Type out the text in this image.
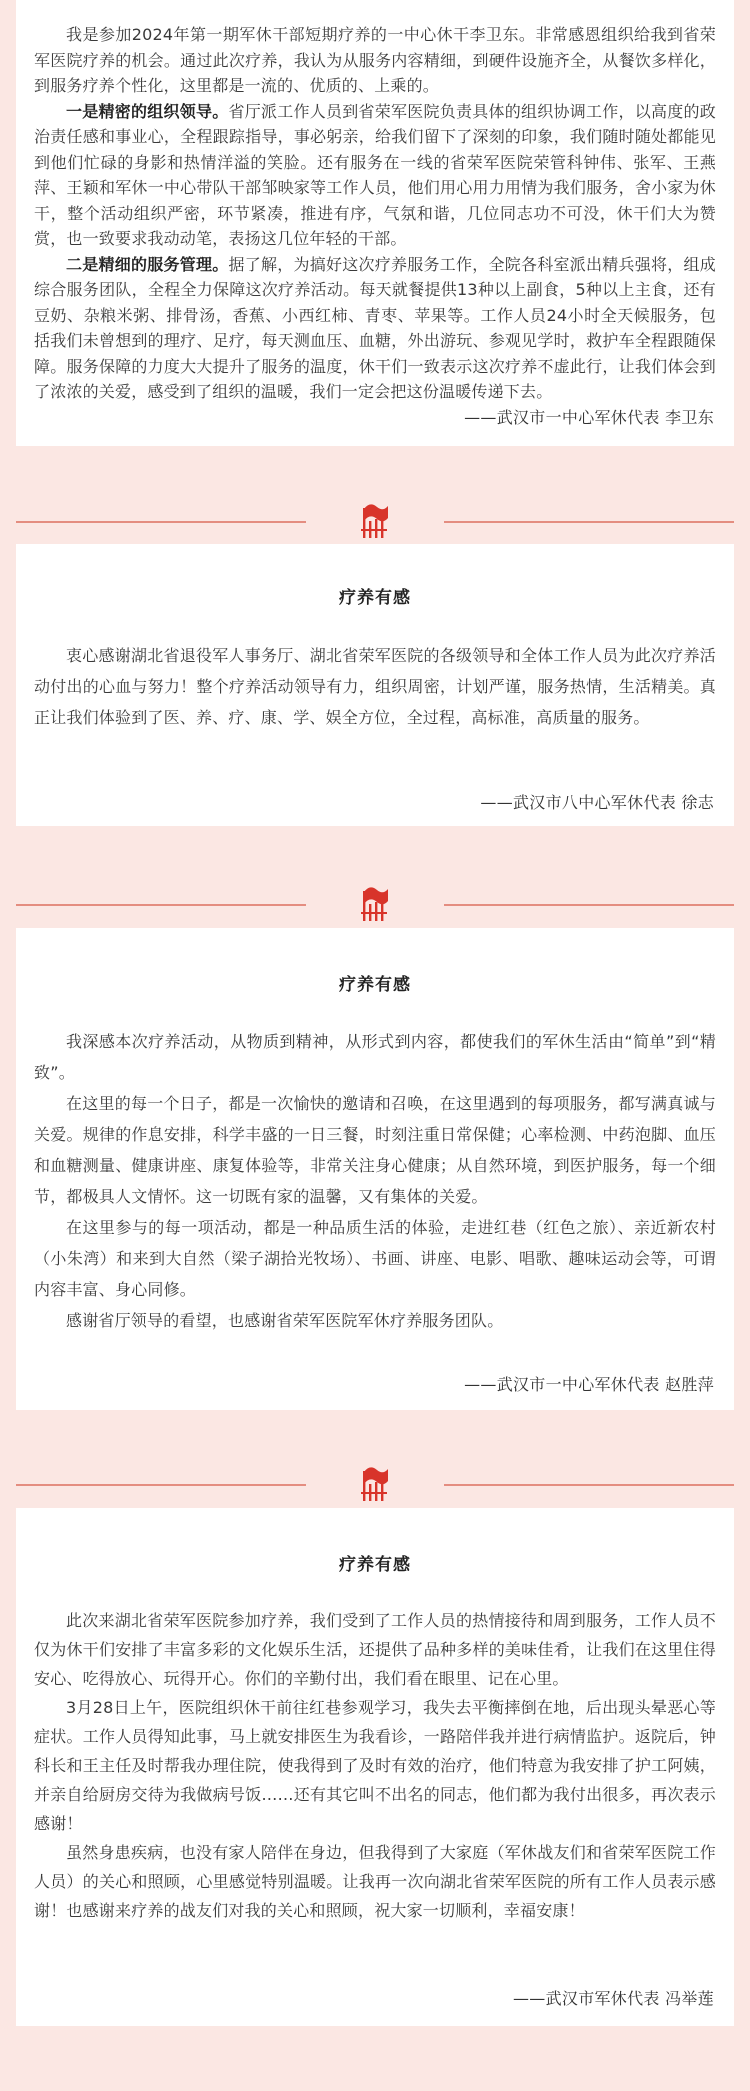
我是参加2024年第一期军休干部短期疗养的一中心休干李卫东。非常感恩组织给我到省荣军医院疗养的机会。通过此次疗养，我认为从服务内容精细，到硬件设施齐全，从餐饮多样化，到服务疗养个性化，这里都是一流的、优质的、上乘的。

一是精密的组织领导。省厅派工作人员到省荣军医院负责具体的组织协调工作，以高度的政治责任感和事业心，全程跟踪指导，事必躬亲，给我们留下了深刻的印象，我们随时随处都能见到他们忙碌的身影和热情洋溢的笑脸。还有服务在一线的省荣军医院荣管科钟伟、张军、王燕萍、王颖和军休一中心带队干部邹映家等工作人员，他们用心用力用情为我们服务，舍小家为休干，整个活动组织严密，环节紧凑，推进有序，气氛和谐，几位同志功不可没，休干们大为赞赏，也一致要求我动动笔，表扬这几位年轻的干部。

二是精细的服务管理。据了解，为搞好这次疗养服务工作，全院各科室派出精兵强将，组成综合服务团队，全程全力保障这次疗养活动。每天就餐提供13种以上副食，5种以上主食，还有豆奶、杂粮米粥、排骨汤，香蕉、小西红柿、青枣、苹果等。工作人员24小时全天候服务，包括我们未曾想到的理疗、足疗，每天测血压、血糖，外出游玩、参观见学时，救护车全程跟随保障。服务保障的力度大大提升了服务的温度，休干们一致表示这次疗养不虚此行，让我们体会到了浓浓的关爱，感受到了组织的温暖，我们一定会把这份温暖传递下去。

——武汉市一中心军休代表 李卫东
疗养有感

衷心感谢湖北省退役军人事务厅、湖北省荣军医院的各级领导和全体工作人员为此次疗养活动付出的心血与努力！整个疗养活动领导有力，组织周密，计划严谨，服务热情，生活精美。真正让我们体验到了医、养、疗、康、学、娱全方位，全过程，高标准，高质量的服务。

——武汉市八中心军休代表 徐志
疗养有感

我深感本次疗养活动，从物质到精神，从形式到内容，都使我们的军休生活由“简单”到“精致”。

在这里的每一个日子，都是一次愉快的邀请和召唤，在这里遇到的每项服务，都写满真诚与关爱。规律的作息安排，科学丰盛的一日三餐，时刻注重日常保健；心率检测、中药泡脚、血压和血糖测量、健康讲座、康复体验等，非常关注身心健康；从自然环境，到医护服务，每一个细节，都极具人文情怀。这一切既有家的温馨，又有集体的关爱。

在这里参与的每一项活动，都是一种品质生活的体验，走进红巷（红色之旅）、亲近新农村（小朱湾）和来到大自然（梁子湖拾光牧场）、书画、讲座、电影、唱歌、趣味运动会等，可谓内容丰富、身心同修。

感谢省厅领导的看望，也感谢省荣军医院军休疗养服务团队。

——武汉市一中心军休代表 赵胜萍
疗养有感

此次来湖北省荣军医院参加疗养，我们受到了工作人员的热情接待和周到服务，工作人员不仅为休干们安排了丰富多彩的文化娱乐生活，还提供了品种多样的美味佳肴，让我们在这里住得安心、吃得放心、玩得开心。你们的辛勤付出，我们看在眼里、记在心里。

3月28日上午，医院组织休干前往红巷参观学习，我失去平衡摔倒在地，后出现头晕恶心等症状。工作人员得知此事，马上就安排医生为我看诊，一路陪伴我并进行病情监护。返院后，钟科长和王主任及时帮我办理住院，使我得到了及时有效的治疗，他们特意为我安排了护工阿姨，并亲自给厨房交待为我做病号饭……还有其它叫不出名的同志，他们都为我付出很多，再次表示感谢！

虽然身患疾病，也没有家人陪伴在身边，但我得到了大家庭（军休战友们和省荣军医院工作人员）的关心和照顾，心里感觉特别温暖。让我再一次向湖北省荣军医院的所有工作人员表示感谢！也感谢来疗养的战友们对我的关心和照顾，祝大家一切顺利，幸福安康！

——武汉市军休代表 冯举莲
